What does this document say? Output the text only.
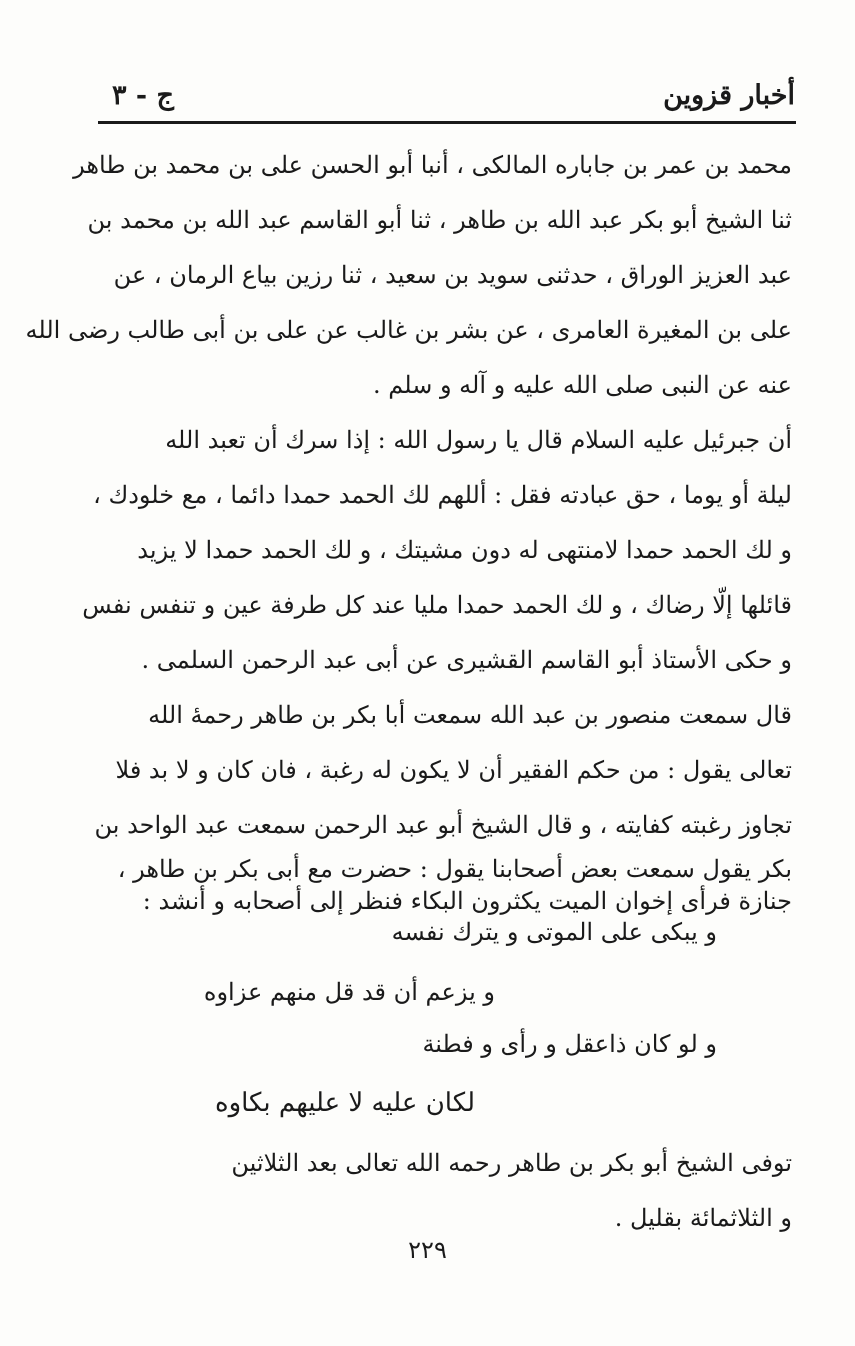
أخبار قزوين
ج - ٣
محمد بن عمر بن جاباره المالكى ، أنبا أبو الحسن على بن محمد بن طاهر
ثنا الشيخ أبو بكر عبد الله بن طاهر ، ثنا أبو القاسم عبد الله بن محمد بن
عبد العزيز الوراق ، حدثنى سويد بن سعيد ، ثنا رزين بياع الرمان ، عن
على بن المغيرة العامرى ، عن بشر بن غالب عن على بن أبى طالب رضى الله
عنه عن النبى صلى الله عليه و آله و سلم .
أن جبرئيل عليه السلام قال يا رسول الله : إذا سرك أن تعبد الله
ليلة أو يوما ، حق عبادته فقل : أللهم لك الحمد حمدا دائما ، مع خلودك ،
و لك الحمد حمدا لامنتهى له دون مشيتك ، و لك الحمد حمدا لا يزيد
قائلها إلّا رضاك ، و لك الحمد حمدا مليا عند كل طرفة عين و تنفس نفس
و حكى الأستاذ أبو القاسم القشيرى عن أبى عبد الرحمن السلمى .
قال سمعت منصور بن عبد الله سمعت أبا بكر بن طاهر رحمهٔ الله
تعالى يقول : من حكم الفقير أن لا يكون له رغبة ، فان كان و لا بد فلا
تجاوز رغبته كفايته ، و قال الشيخ أبو عبد الرحمن سمعت عبد الواحد بن
بكر يقول سمعت بعض أصحابنا يقول : حضرت مع أبى بكر بن طاهر ،
جنازة فرأى إخوان الميت يكثرون البكاء فنظر إلى أصحابه و أنشد :
و يبكى على الموتى و يترك نفسه
و يزعم أن قد قل منهم عزاوه
و لو كان ذاعقل و رأى و فطنة
لكان عليه لا عليهم بكاوه
توفى الشيخ أبو بكر بن طاهر رحمه الله تعالى بعد الثلاثين
و الثلاثمائة بقليل .
٢٢٩
